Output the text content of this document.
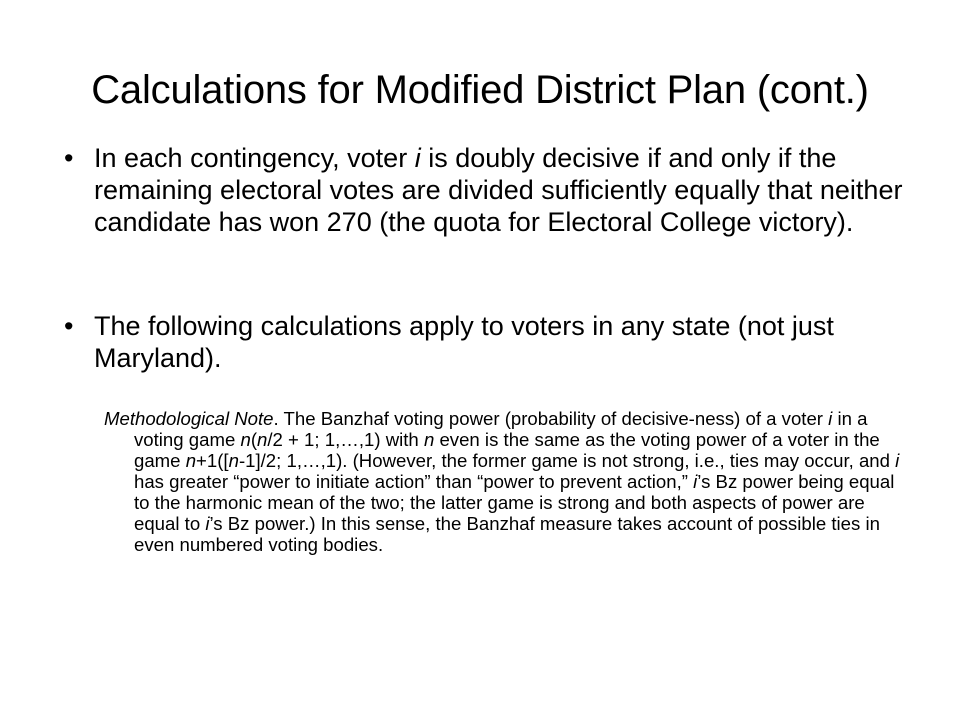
Calculations for Modified District Plan (cont.)
• In each contingency, voter i is doubly decisive if and only if the remaining electoral votes are divided sufficiently equally that neither candidate has won 270 (the quota for Electoral College victory).
• The following calculations apply to voters in any state (not just Maryland).
Methodological Note. The Banzhaf voting power (probability of decisive-ness) of a voter i in a voting game n(n/2 + 1; 1,…,1) with n even is the same as the voting power of a voter in the game n+1([n-1]/2; 1,…,1). (However, the former game is not strong, i.e., ties may occur, and i has greater “power to initiate action” than “power to prevent action,” i’s Bz power being equal to the harmonic mean of the two; the latter game is strong and both aspects of power are equal to i’s Bz power.) In this sense, the Banzhaf measure takes account of possible ties in even numbered voting bodies.
